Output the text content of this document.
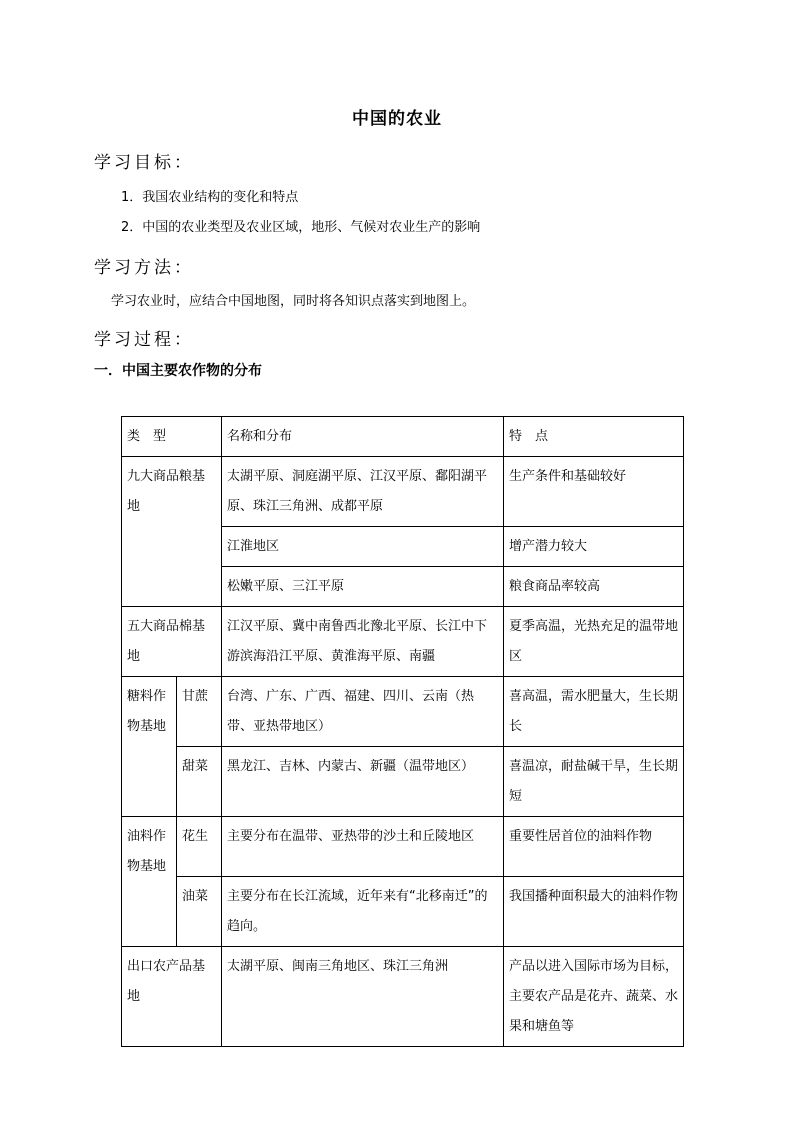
中国的农业
学习目标：
1．我国农业结构的变化和特点
2．中国的农业类型及农业区域，地形、气候对农业生产的影响
学习方法：
学习农业时，应结合中国地图，同时将各知识点落实到地图上。
学习过程：
一．中国主要农作物的分布
类　型		名称和分布	特　点
九大商品粮基地		太湖平原、洞庭湖平原、江汉平原、鄱阳湖平原、珠江三角洲、成都平原	生产条件和基础较好
		江淮地区	增产潜力较大
		松嫩平原、三江平原	粮食商品率较高
五大商品棉基地		江汉平原、冀中南鲁西北豫北平原、长江中下游滨海沿江平原、黄淮海平原、南疆	夏季高温，光热充足的温带地区
糖料作物基地	甘蔗	台湾、广东、广西、福建、四川、云南（热带、亚热带地区）	喜高温，需水肥量大，生长期长
	甜菜	黑龙江、吉林、内蒙古、新疆（温带地区）	喜温凉，耐盐碱干旱，生长期短
油料作物基地	花生	主要分布在温带、亚热带的沙土和丘陵地区	重要性居首位的油料作物
	油菜	主要分布在长江流域，近年来有“北移南迁”的趋向。	我国播种面积最大的油料作物
出口农产品基地		太湖平原、闽南三角地区、珠江三角洲	产品以进入国际市场为目标，主要农产品是花卉、蔬菜、水果和塘鱼等
